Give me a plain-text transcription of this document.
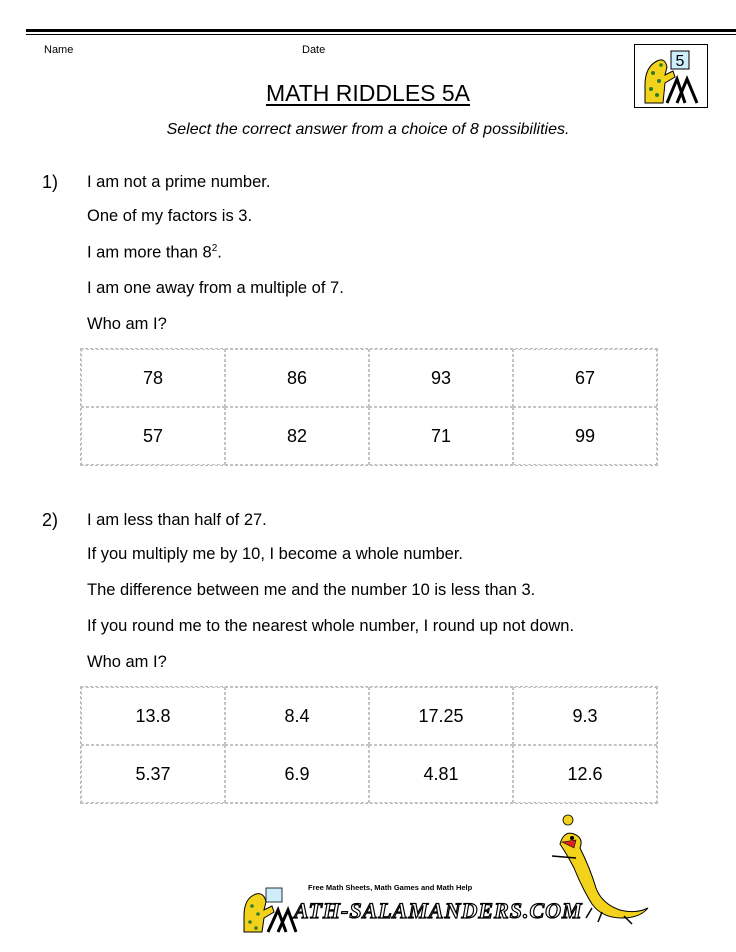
Name	Date
5
MATH RIDDLES 5A
Select the correct answer from a choice of 8 possibilities.
1) I am not a prime number.
One of my factors is 3.
I am more than $8^2$.
I am one away from a multiple of 7.
Who am I?
78	86	93	67
57	82	71	99
2) I am less than half of 27.
If you multiply me by 10, I become a whole number.
The difference between me and the number 10 is less than 3.
If you round me to the nearest whole number, I round up not down.
Who am I?
13.8	8.4	17.25	9.3
5.37	6.9	4.81	12.6
Free Math Sheets, Math Games and Math Help
ATH-SALAMANDERS.COM
